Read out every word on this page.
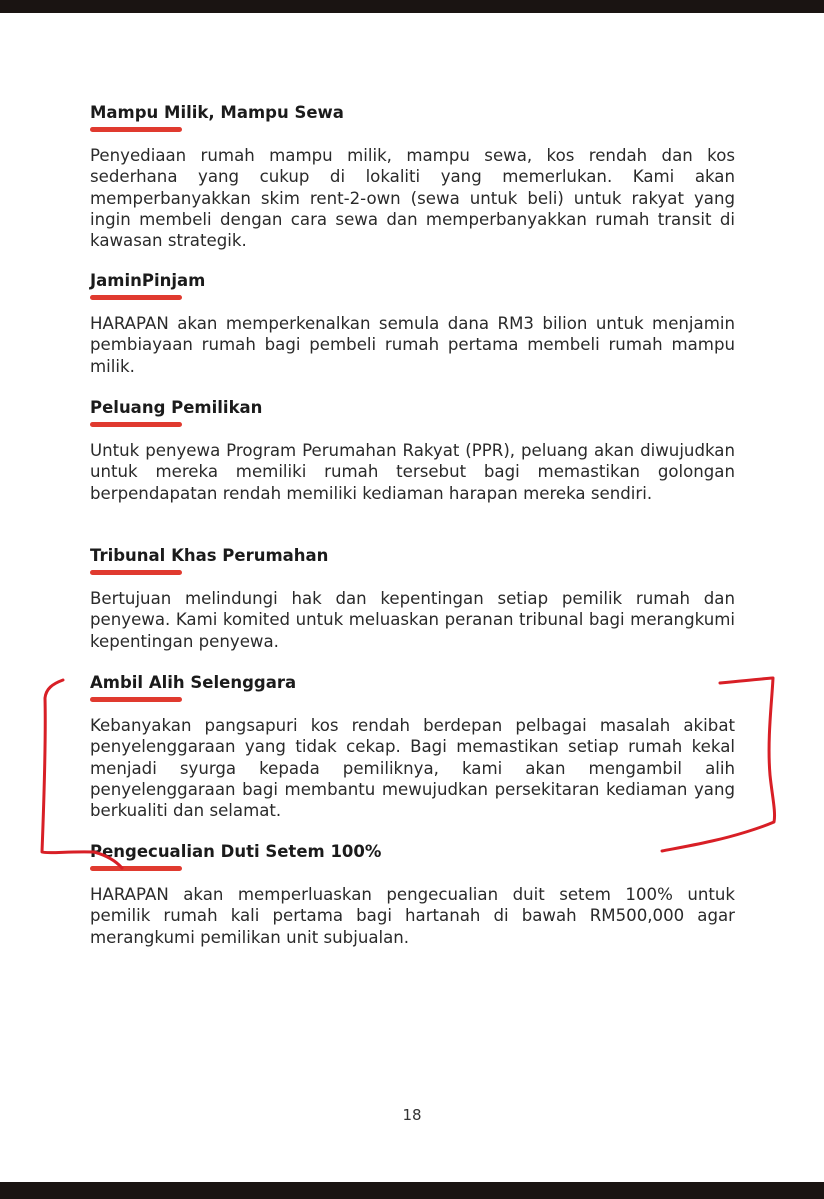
Mampu Milik, Mampu Sewa

Penyediaan rumah mampu milik, mampu sewa, kos rendah dan kos sederhana yang cukup di lokaliti yang memerlukan. Kami akan memperbanyakkan skim rent-2-own (sewa untuk beli) untuk rakyat yang ingin membeli dengan cara sewa dan memperbanyakkan rumah transit di kawasan strategik.

JaminPinjam

HARAPAN akan memperkenalkan semula dana RM3 bilion untuk menjamin pembiayaan rumah bagi pembeli rumah pertama membeli rumah mampu milik.

Peluang Pemilikan

Untuk penyewa Program Perumahan Rakyat (PPR), peluang akan diwujudkan untuk mereka memiliki rumah tersebut bagi memastikan golongan berpendapatan rendah memiliki kediaman harapan mereka sendiri.

Tribunal Khas Perumahan

Bertujuan melindungi hak dan kepentingan setiap pemilik rumah dan penyewa. Kami komited untuk meluaskan peranan tribunal bagi merangkumi kepentingan penyewa.

Ambil Alih Selenggara

Kebanyakan pangsapuri kos rendah berdepan pelbagai masalah akibat penyelenggaraan yang tidak cekap. Bagi memastikan setiap rumah kekal menjadi syurga kepada pemiliknya, kami akan mengambil alih penyelenggaraan bagi membantu mewujudkan persekitaran kediaman yang berkualiti dan selamat.

Pengecualian Duti Setem 100%

HARAPAN akan memperluaskan pengecualian duit setem 100% untuk pemilik rumah kali pertama bagi hartanah di bawah RM500,000 agar merangkumi pemilikan unit subjualan.

18
